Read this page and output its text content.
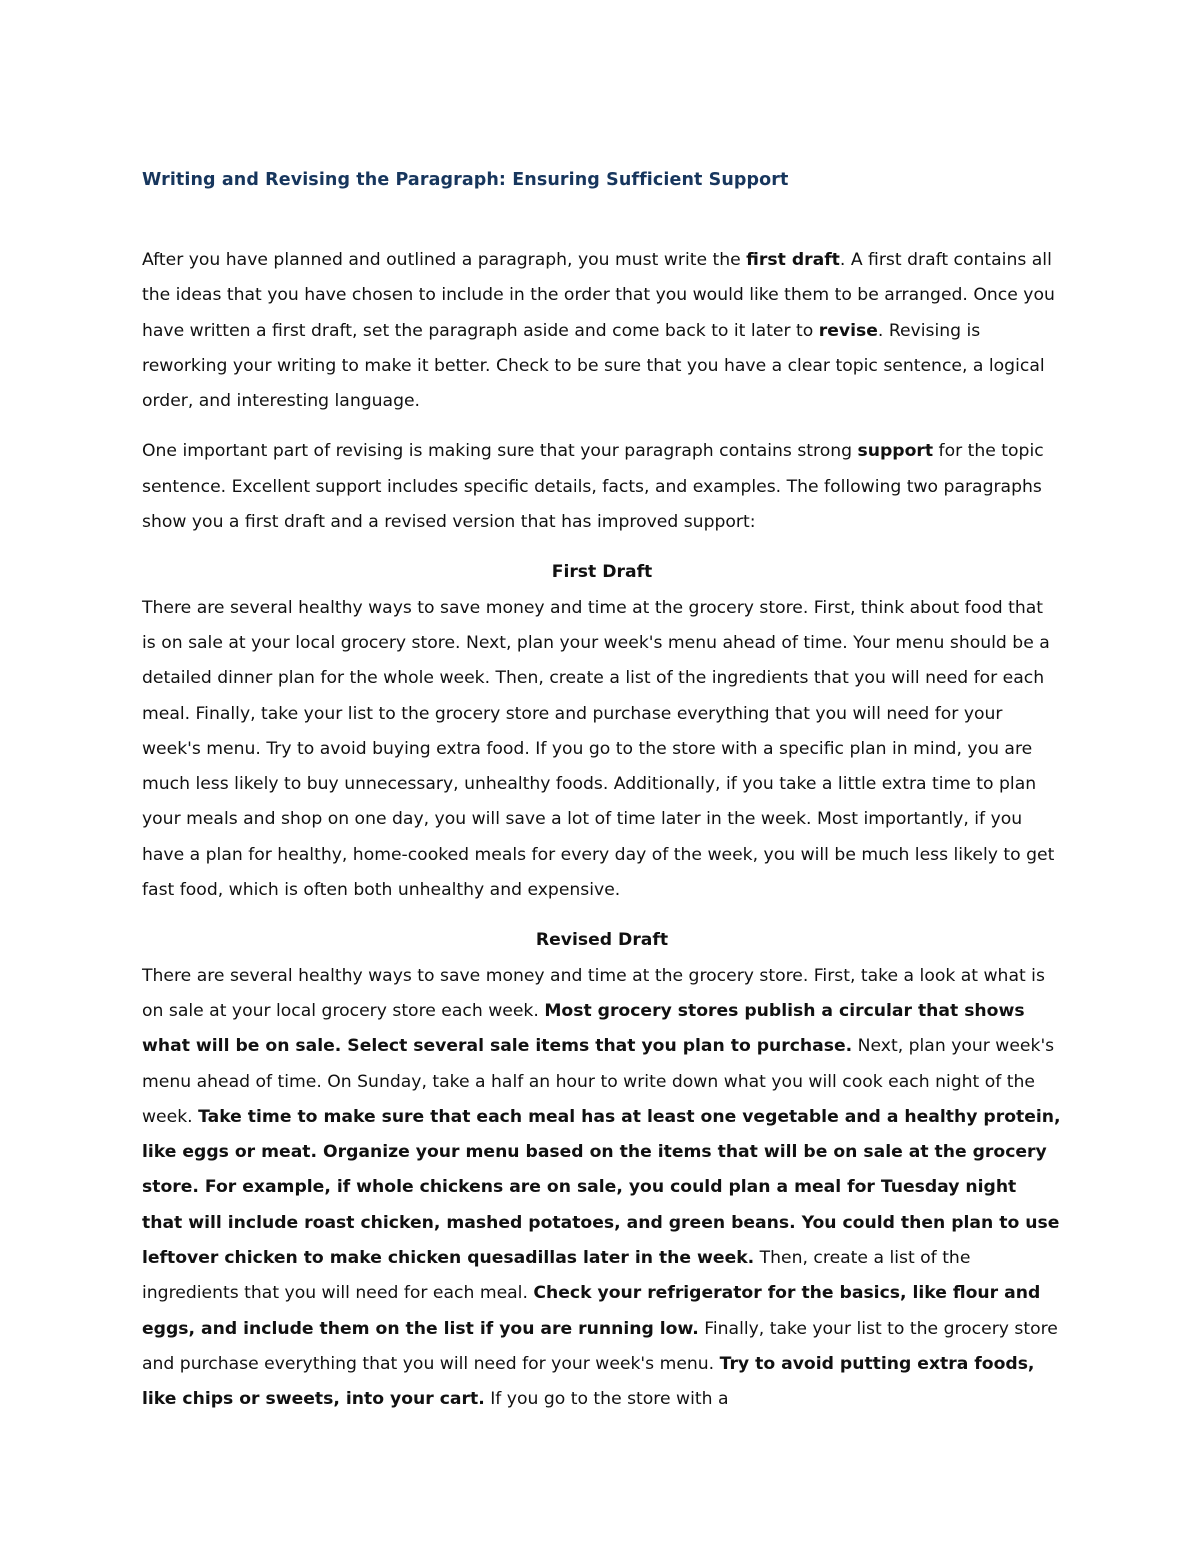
Writing and Revising the Paragraph: Ensuring Sufficient Support

After you have planned and outlined a paragraph, you must write the first draft. A first draft contains all the ideas that you have chosen to include in the order that you would like them to be arranged. Once you have written a first draft, set the paragraph aside and come back to it later to revise. Revising is reworking your writing to make it better. Check to be sure that you have a clear topic sentence, a logical order, and interesting language.

One important part of revising is making sure that your paragraph contains strong support for the topic sentence. Excellent support includes specific details, facts, and examples. The following two paragraphs show you a first draft and a revised version that has improved support:

First Draft

There are several healthy ways to save money and time at the grocery store. First, think about food that is on sale at your local grocery store. Next, plan your week's menu ahead of time. Your menu should be a detailed dinner plan for the whole week. Then, create a list of the ingredients that you will need for each meal. Finally, take your list to the grocery store and purchase everything that you will need for your week's menu. Try to avoid buying extra food. If you go to the store with a specific plan in mind, you are much less likely to buy unnecessary, unhealthy foods. Additionally, if you take a little extra time to plan your meals and shop on one day, you will save a lot of time later in the week. Most importantly, if you have a plan for healthy, home-cooked meals for every day of the week, you will be much less likely to get fast food, which is often both unhealthy and expensive.

Revised Draft

There are several healthy ways to save money and time at the grocery store. First, take a look at what is on sale at your local grocery store each week. Most grocery stores publish a circular that shows what will be on sale. Select several sale items that you plan to purchase. Next, plan your week's menu ahead of time. On Sunday, take a half an hour to write down what you will cook each night of the week. Take time to make sure that each meal has at least one vegetable and a healthy protein, like eggs or meat. Organize your menu based on the items that will be on sale at the grocery store. For example, if whole chickens are on sale, you could plan a meal for Tuesday night that will include roast chicken, mashed potatoes, and green beans. You could then plan to use leftover chicken to make chicken quesadillas later in the week. Then, create a list of the ingredients that you will need for each meal. Check your refrigerator for the basics, like flour and eggs, and include them on the list if you are running low. Finally, take your list to the grocery store and purchase everything that you will need for your week's menu. Try to avoid putting extra foods, like chips or sweets, into your cart. If you go to the store with a
